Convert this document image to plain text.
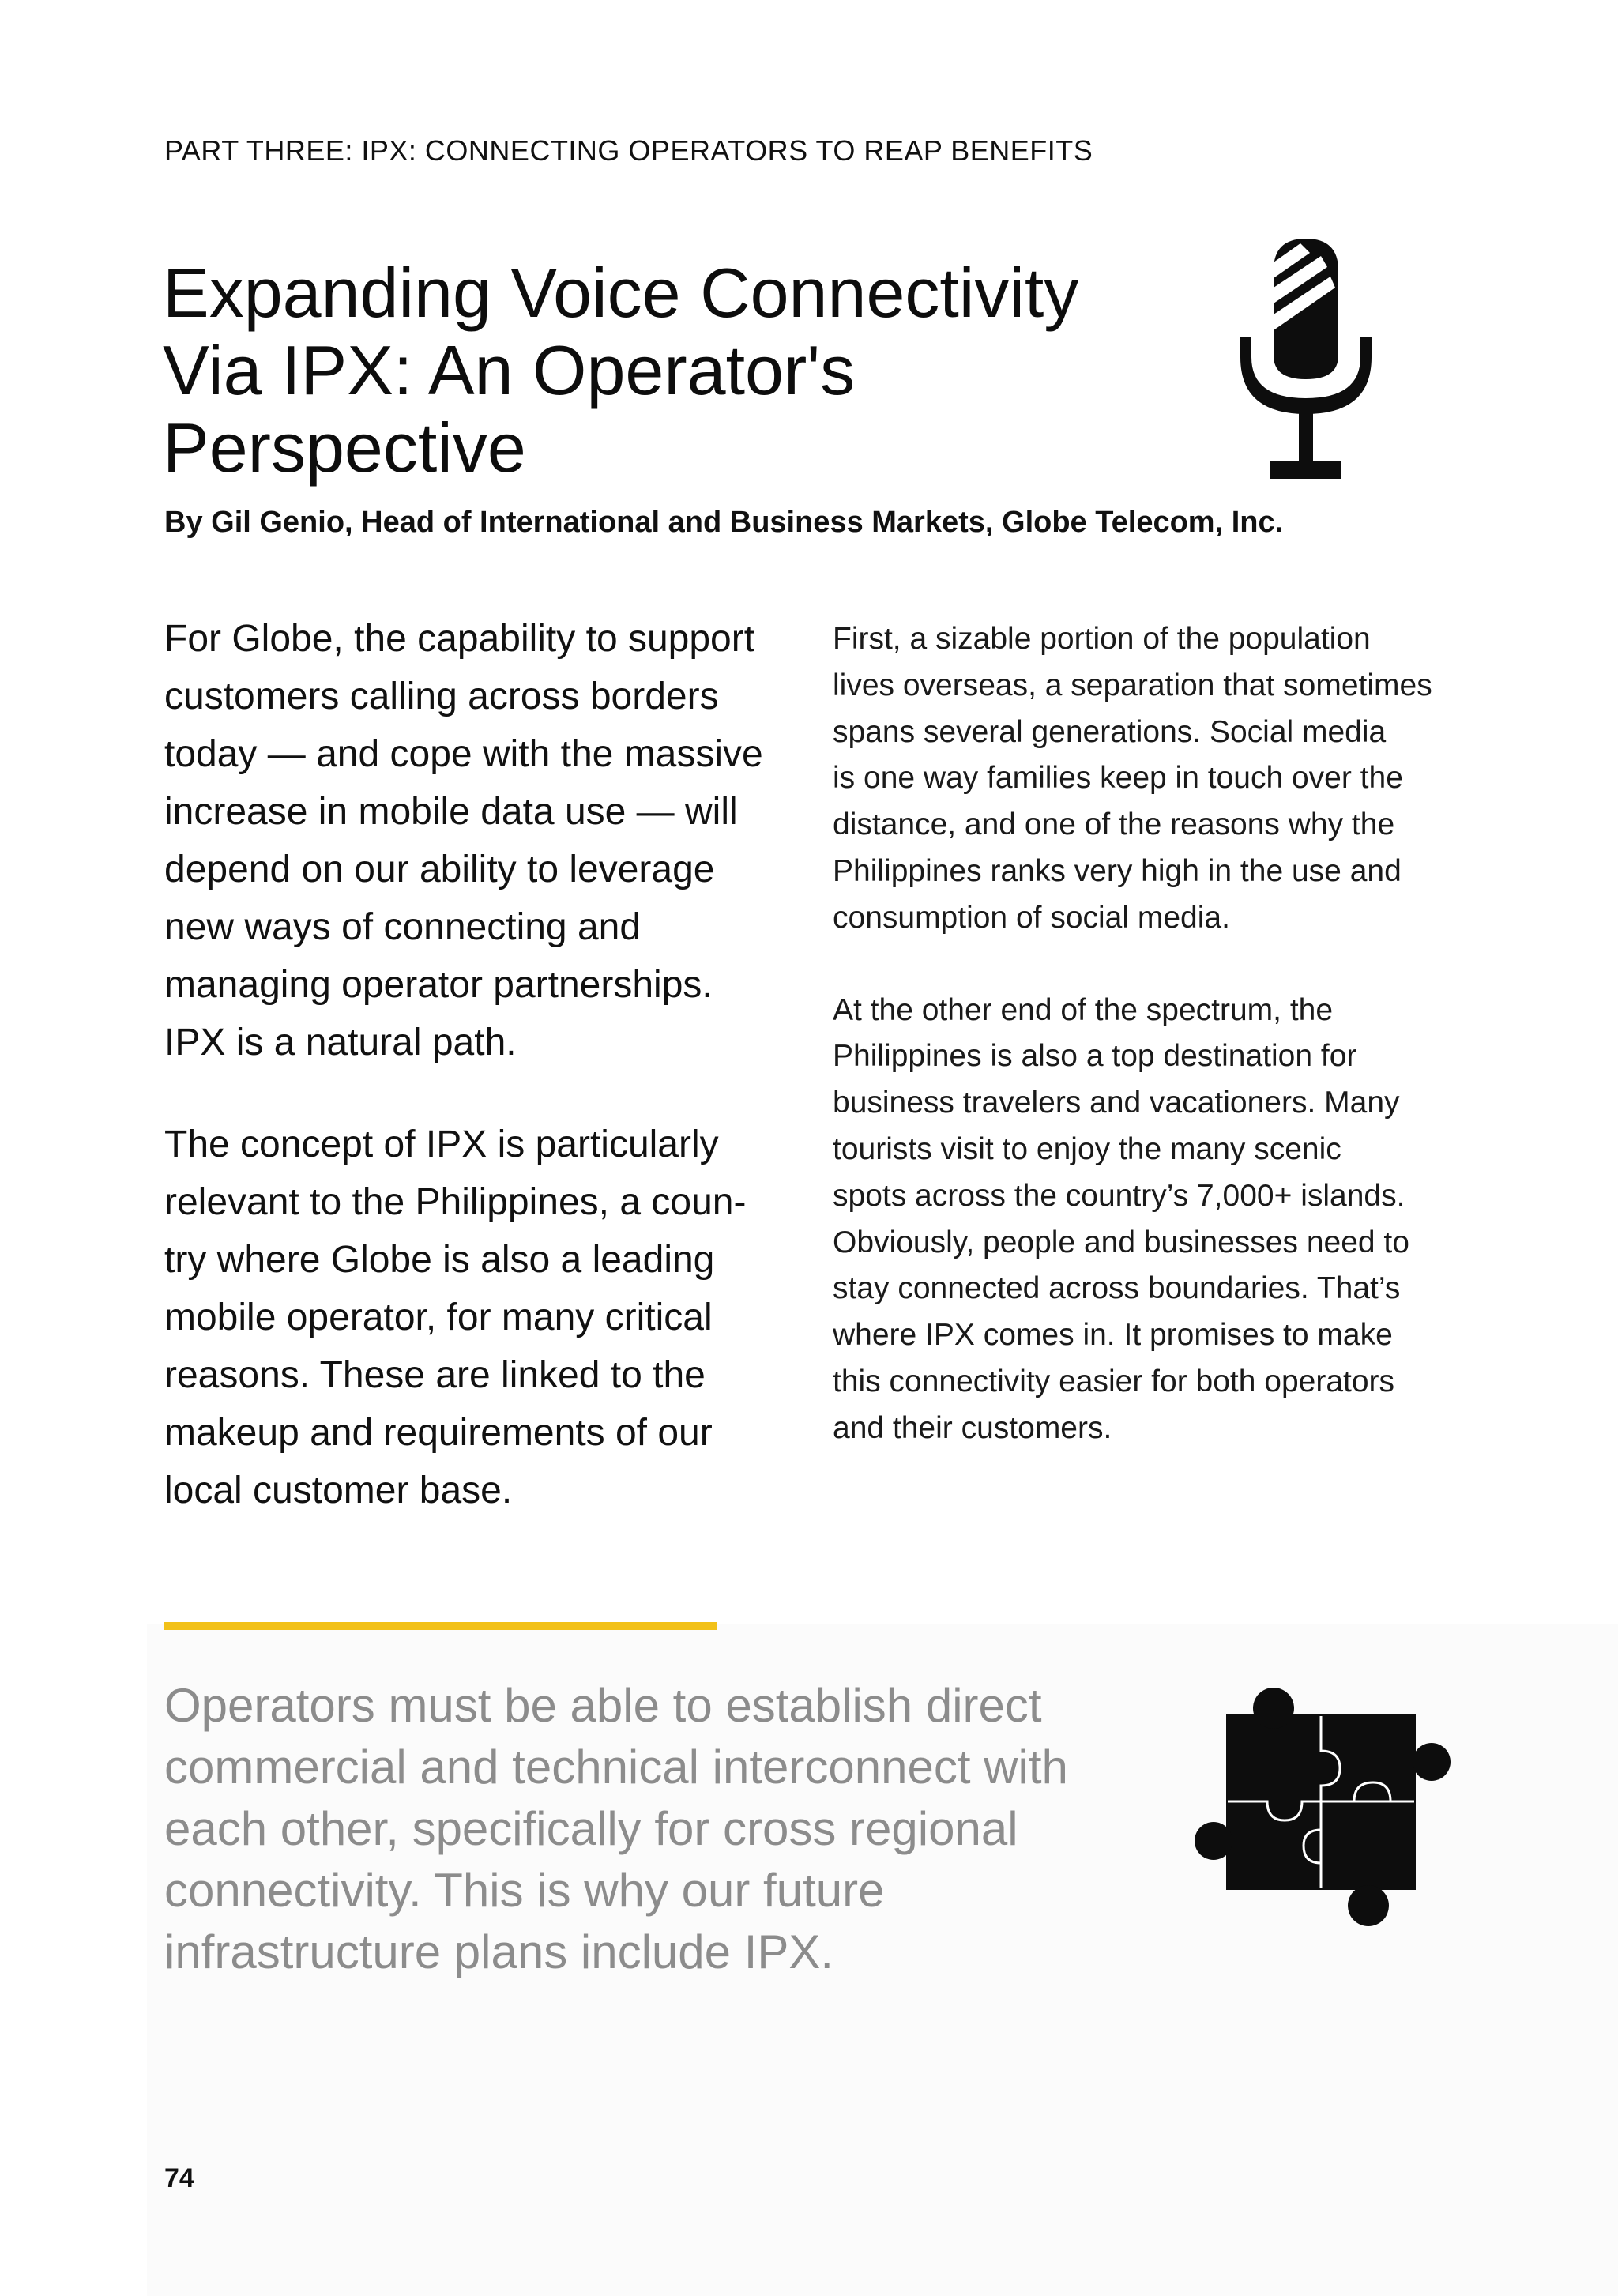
PART THREE: IPX: CONNECTING OPERATORS TO REAP BENEFITS
Expanding Voice Connectivity
Via IPX: An Operator's
Perspective
By Gil Genio, Head of International and Business Markets, Globe Telecom, Inc.

For Globe, the capability to support
customers calling across borders
today — and cope with the massive
increase in mobile data use — will
depend on our ability to leverage
new ways of connecting and
managing operator partnerships.
IPX is a natural path.

The concept of IPX is particularly
relevant to the Philippines, a coun-
try where Globe is also a leading
mobile operator, for many critical
reasons. These are linked to the
makeup and requirements of our
local customer base.

First, a sizable portion of the population
lives overseas, a separation that sometimes
spans several generations. Social media
is one way families keep in touch over the
distance, and one of the reasons why the
Philippines ranks very high in the use and
consumption of social media.

At the other end of the spectrum, the
Philippines is also a top destination for
business travelers and vacationers. Many
tourists visit to enjoy the many scenic
spots across the country’s 7,000+ islands.
Obviously, people and businesses need to
stay connected across boundaries. That’s
where IPX comes in. It promises to make
this connectivity easier for both operators
and their customers.

Operators must be able to establish direct
commercial and technical interconnect with
each other, specifically for cross regional
connectivity. This is why our future
infrastructure plans include IPX.
74
